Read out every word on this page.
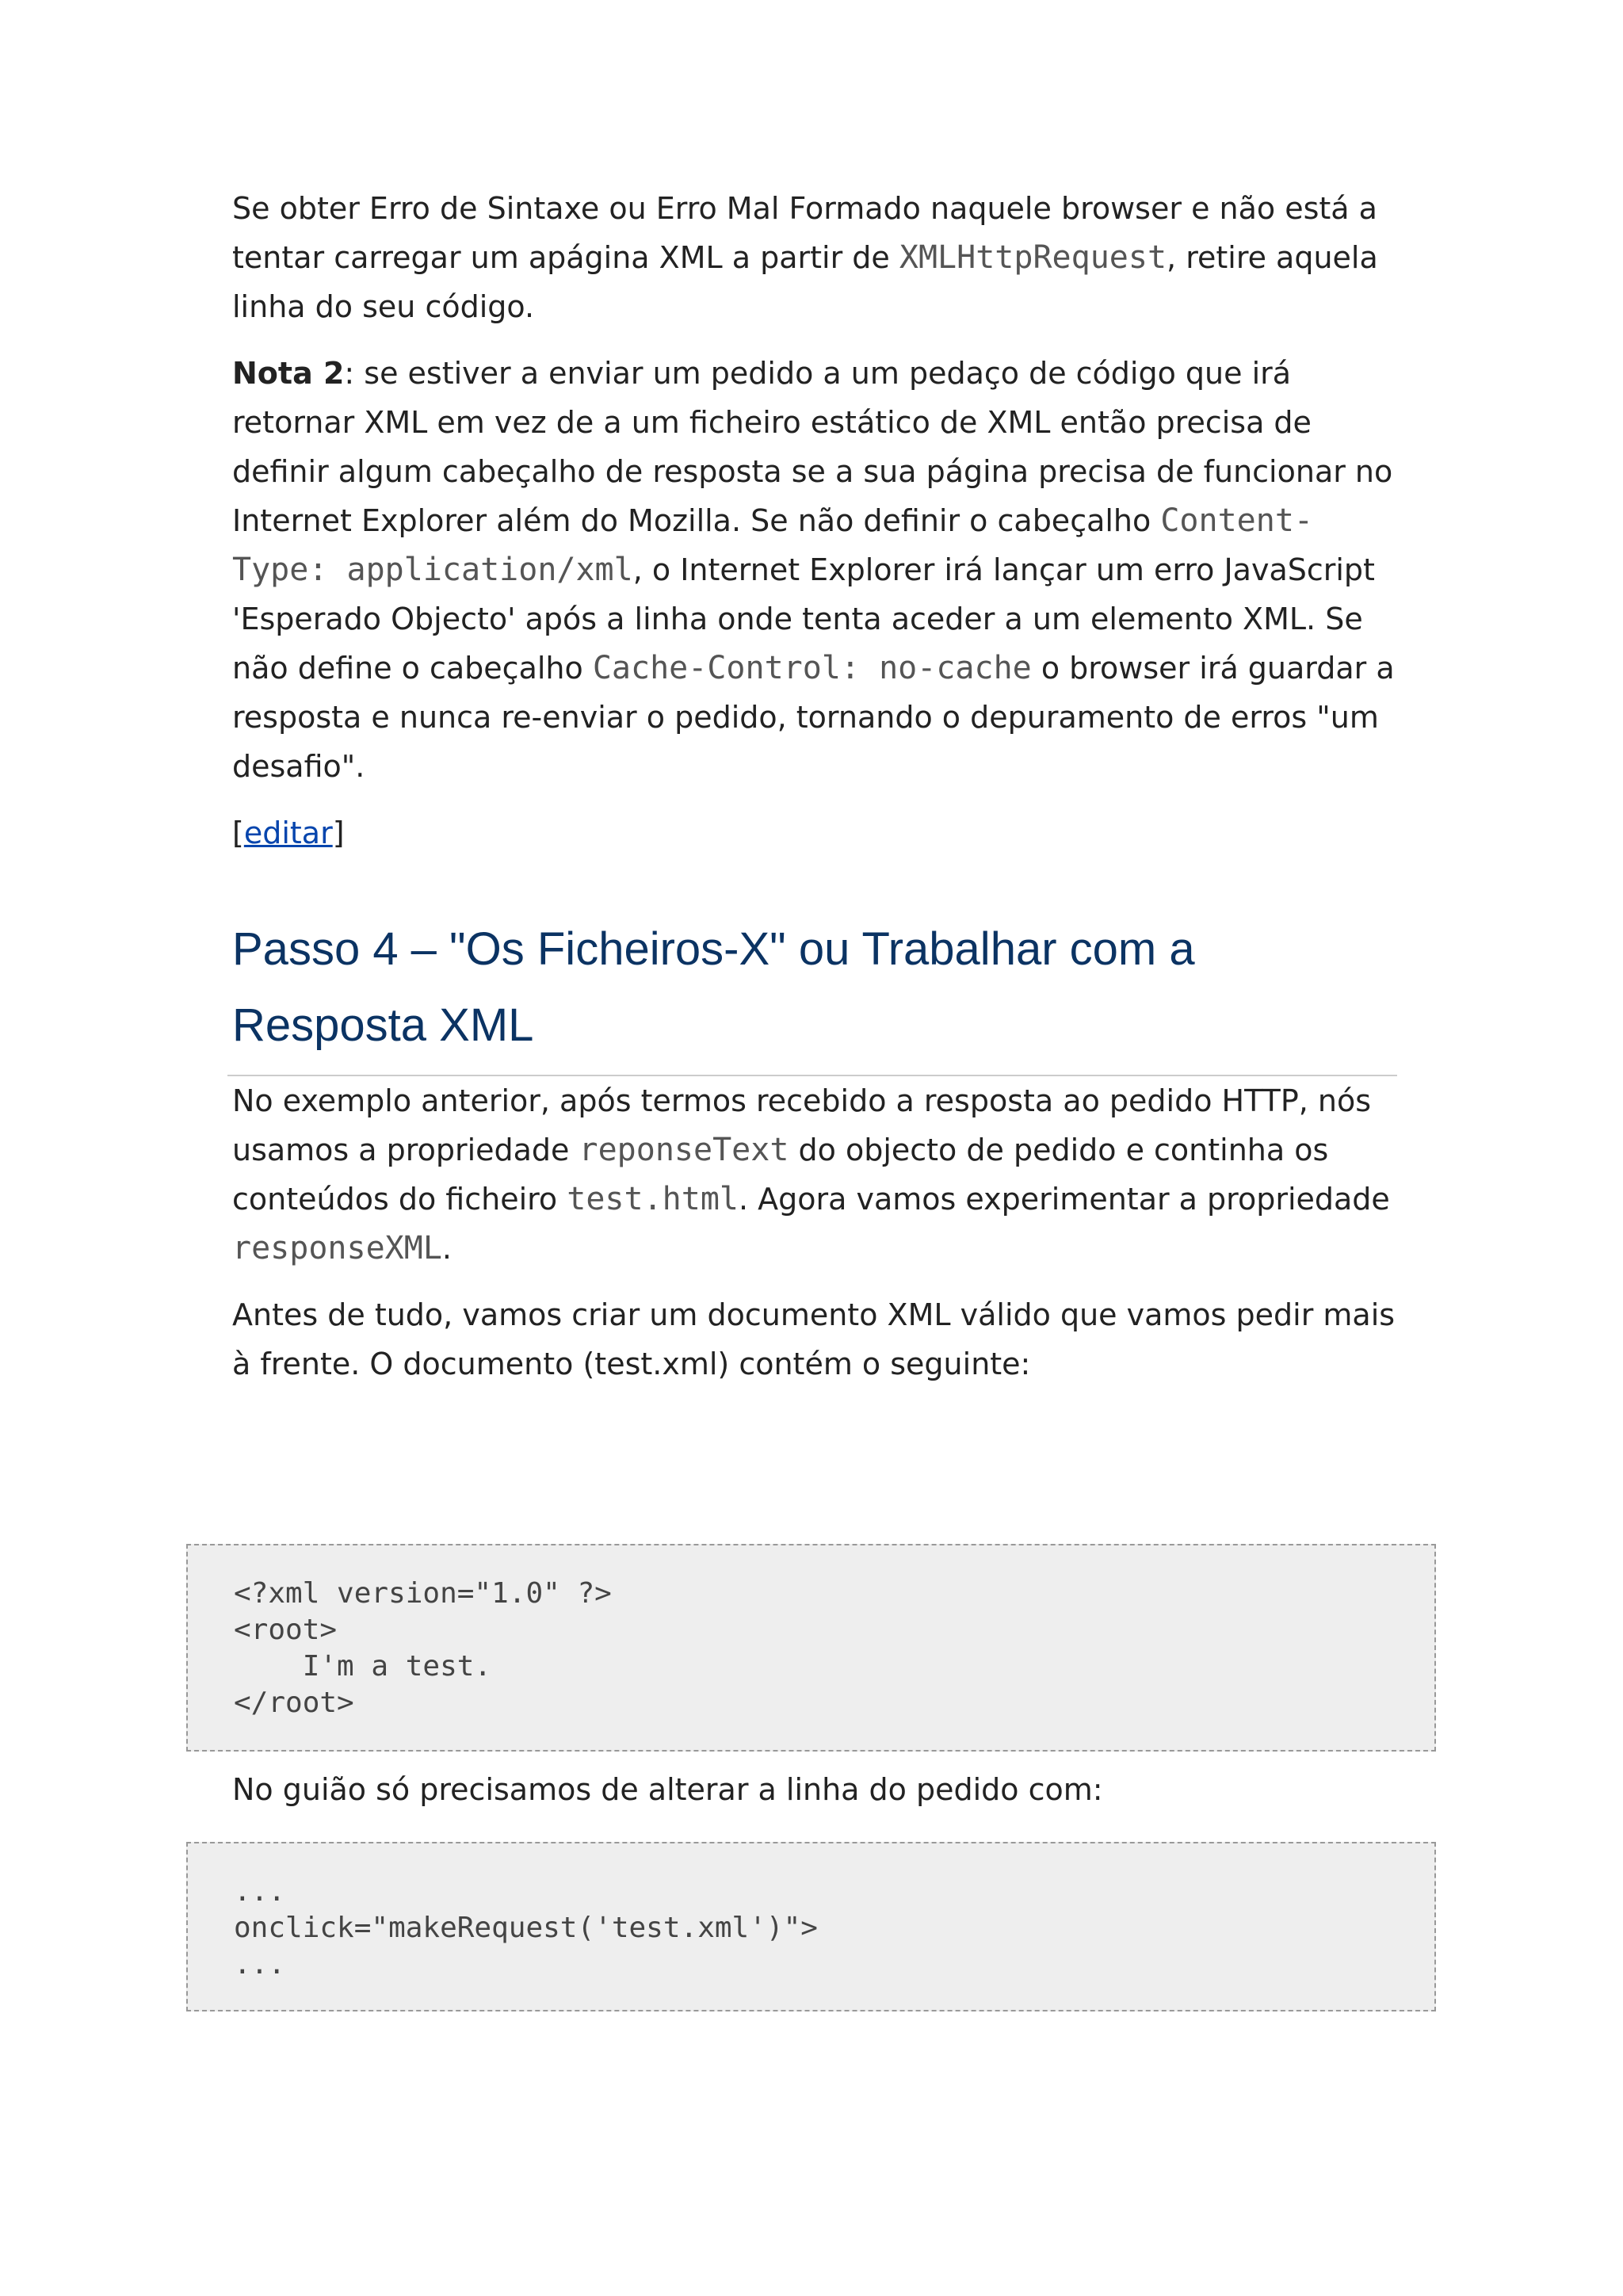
Se obter Erro de Sintaxe ou Erro Mal Formado naquele browser e não está a tentar carregar um apágina XML a partir de XMLHttpRequest, retire aquela linha do seu código.

Nota 2: se estiver a enviar um pedido a um pedaço de código que irá retornar XML em vez de a um ficheiro estático de XML então precisa de definir algum cabeçalho de resposta se a sua página precisa de funcionar no Internet Explorer além do Mozilla. Se não definir o cabeçalho Content-Type: application/xml, o Internet Explorer irá lançar um erro JavaScript 'Esperado Objecto' após a linha onde tenta aceder a um elemento XML. Se não define o cabeçalho Cache-Control: no-cache o browser irá guardar a resposta e nunca re-enviar o pedido, tornando o depuramento de erros "um desafio".

[editar]
Passo 4 – "Os Ficheiros-X" ou Trabalhar com a Resposta XML

No exemplo anterior, após termos recebido a resposta ao pedido HTTP, nós usamos a propriedade reponseText do objecto de pedido e continha os conteúdos do ficheiro test.html. Agora vamos experimentar a propriedade responseXML.

Antes de tudo, vamos criar um documento XML válido que vamos pedir mais à frente. O documento (test.xml) contém o seguinte:

<?xml version="1.0" ?>
<root>
I'm a test.
</root>

No guião só precisamos de alterar a linha do pedido com:

...
onclick="makeRequest('test.xml')">
...
